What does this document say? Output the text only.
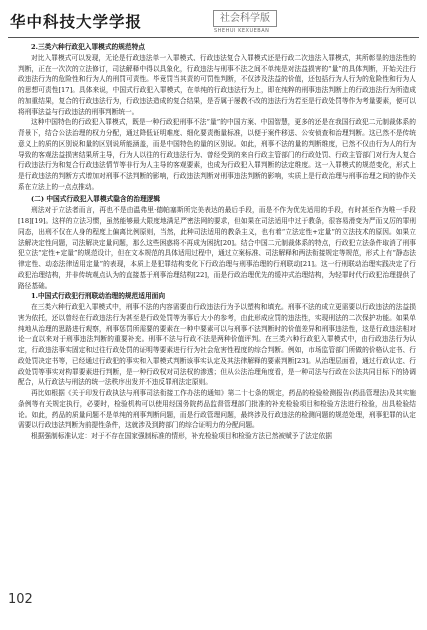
华中科技大学学报	社会科学版
SHEHUI KEXUEBAN

2.三类六种行政犯入罪模式的规范特点

对比入罪模式可以发现，无论是行政违法单一入罪模式、行政违法复合入罪模式还是行政二次违法入罪模式，其所彰显的违法性的判断，正在一次次的立法修订，司法解释中得以具象化，行政违法与刑事不法之间不单纯是对法益损害的“量”的具体判断，开始关注行政违法行为的危险性和行为人的刑罚可责性。毕竟罚当其责的可罚性判断，不仅涉及法益的价值，还包括行为人行为的危险性和行为人的思想可责性[17]。具体来说，中国式行政犯入罪模式，在单纯的行政违法行为上，即在纯粹的刑事违法判断上的行政违法行为所造成的加重结果，复合的行政违法行为，行政违法造成的复合结果，是否属于屡教不改的违法行为若至是行政处罚等作为考量要素，便可以将刑事法益与行政违法的刑事判断统一。

这种中国特色的行政犯入罪模式，既是一种行政犯刑事不法“量”的中国方案、中国智慧，更多的还是在我国行政犯二元制裁体系的背景下，结合公法治理的权力分配，通过降低证明难度、细化要责衡量标准，以便于案件移送、公安侦查和治理判断。这已然不是传统意义上的质的区别说和量的区别说所能涵盖，而是中国特色的量的区别说。如此，刑事不法的量的判断维度，已然不仅由行为人的行为导致的客观法益损害结果所主导，行为人以往的行政违法行为、曾经受到的来自行政主管部门的行政处罚、行政主管部门对行为人复合行政违法行为和复合行政违法情节等非行为人主导的客观要素，也成为行政犯入罪判断的法定维度。这一入罪模式的规范变化，形式上是行政违法的判断方式增加对刑事不法判断的影响，行政违法判断对刑事违法判断的影响，实质上是行政治理与刑事治理之间的协作关系在立法上的一点点推动。

(二) 中国式行政犯入罪模式隐含的治理逻辑

刑法对于立法者而言，再也不是由温弗里·德帕塞斯所完美表达的最后手段，而是不作为优先适用的手段，有时甚至作为唯一手段[18][19]。这样的立法习惯，虽然能够最大限度地满足严密法网的要求，但如果在司法适用中过于教条，很容易滑变为严而又厉的罪刑同态，出刑不仅在人身的程度上偏离比例原则，当然，此种司法适用的教条主义，也有着“立法定性+定量”的立法技术的原因。如果立法解决定性问题，司法解决定量问题，那么这些困惑将不再成为困扰[20]。结合中国二元制裁体系的特点，行政犯立法条件取消了刑事犯立法“定性+定量”的规范设计，但在文本规范的具体适用过程中，通过立案标准、司法解释和两法衔接规定等规范，形式上有“静态法律定性、动态法律适用定量”的表现，本质上是犯罪结构变化下行政治理与刑事治理的行刑联动[21]。这一行刑联动治理实践决定了行政犯治理结构，并非传统观点认为的直接基于刑事治理结构[22]，而是行政治理优先的缓冲式治理结构，为轻罪时代行政犯治理提供了路径基础。

1.中国式行政犯行刑联动治理的规范适用面向

在三类六种行政犯入罪模式中，刑事不法的内容需要由行政违法行为予以塑构和填充。刑事不法的成立更需要以行政违法的法益损害为依托，还以曾经在行政违法行为甚至是行政处罚等为事后大小的参考，由此形成应罚的违法性，实现刑法的二次保护功能。如果单纯地从治理的思路进行观察，刑事惩罚所需要的要素在一种中要素可以与刑事不法判断时的价值差异和刑事违法性，这是行政违法相对论一直以来对于刑事违法判断的重要补充。刑事不法与行政不法是两种价值评判。在三类六种行政犯入罪模式中，由行政违法行为认定，行政违法事实固定和过往行政处罚的证明等要素进行行为社会危害性程度的综合判断。例如，市场监管部门所做的价格认定书、行政处罚决定书等，已经通过行政犯的事实和入罪模式判断该事实认定及其法律解释的要素判断[23]。从治理层面看，通过行政认定、行政处罚等事实对构罪要素进行判断，是一种行政权对司法权的渗透；但从公法治理角度看，是一种司法与行政在公法共同目标下的协调配合，从行政法与刑法的统一法秩序出发并不违反罪刑法定原则。

再比如根据《关于印发行政执法与刑事司法衔接工作办法的通知》第二十七条的规定，药品的检验检测报告(药品管理法)及其实施条例等有关规定执行，必要时，检验机构可以使用经国务院药品监督管理部门批准的补充检验项目和检验方法进行检验，出具检验结论。如此，药品的质量问题不是单纯的刑事判断问题，而是行政管理问题，最终涉及行政违法的检测问题的规范处理，刑事犯罪的认定需要以行政违法判断为前提性条件，这就涉及到跨部门的综合证明力的分配问题。

根据强制标准认定：对于不存在国家强制标准的情形，补充检验项目和检验方法已然被赋予了法定依据

102
